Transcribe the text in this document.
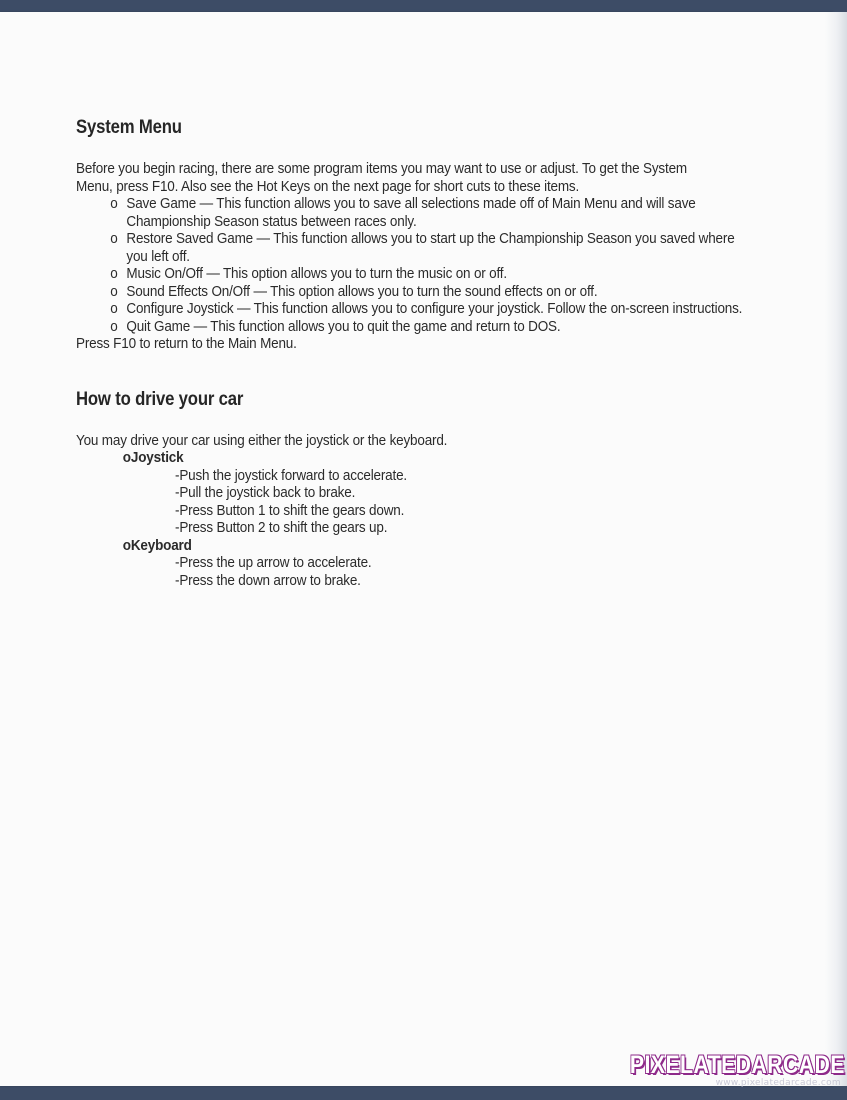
System Menu

Before you begin racing, there are some program items you may want to use or adjust. To get the System Menu, press F10. Also see the Hot Keys on the next page for short cuts to these items.

o Save Game — This function allows you to save all selections made off of Main Menu and will save Championship Season status between races only.

o Restore Saved Game — This function allows you to start up the Championship Season you saved where you left off.

o Music On/Off — This option allows you to turn the music on or off.

o Sound Effects On/Off — This option allows you to turn the sound effects on or off.

o Configure Joystick — This function allows you to configure your joystick. Follow the on-screen instructions.

o Quit Game — This function allows you to quit the game and return to DOS.

Press F10 to return to the Main Menu.

How to drive your car

You may drive your car using either the joystick or the keyboard.

oJoystick

-Push the joystick forward to accelerate.

-Pull the joystick back to brake.

-Press Button 1 to shift the gears down.

-Press Button 2 to shift the gears up.

oKeyboard

-Press the up arrow to accelerate.

-Press the down arrow to brake.

PIXELATEDARCADE
www.pixelatedarcade.com
